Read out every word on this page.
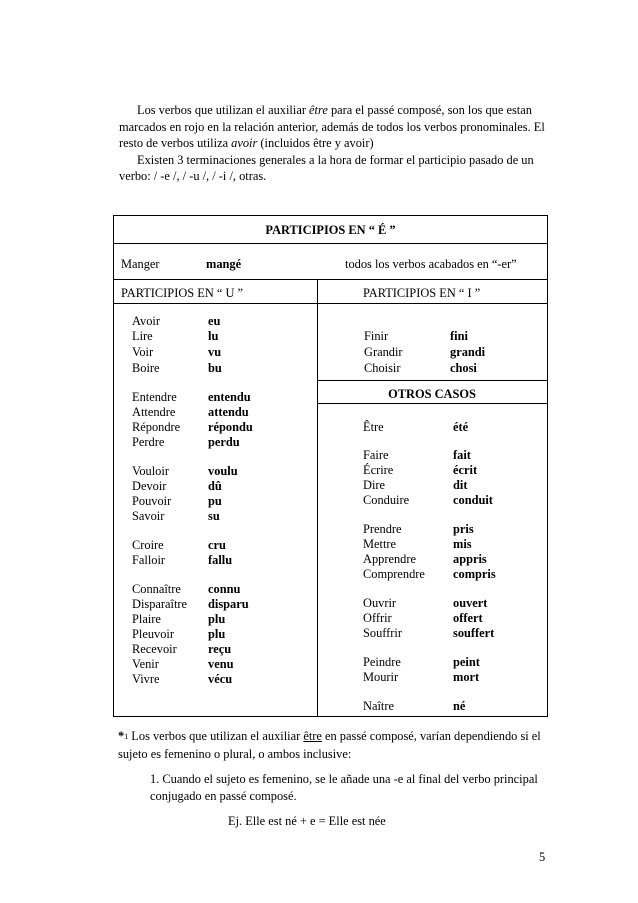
Los verbos que utilizan el auxiliar être para el passé composé, son los que estan marcados en rojo en la relación anterior, además de todos los verbos pronominales. El resto de verbos utiliza avoir (incluidos être y avoir)

Existen 3 terminaciones generales a la hora de formar el participio pasado de un verbo: / -e /, / -u /, / -i /, otras.

PARTICIPIOS EN “ É ”
Manger	mangé	todos los verbos acabados en “-er”
PARTICIPIOS EN “ U ”	PARTICIPIOS EN “ I ”
Avoir	eu
Lire	lu
Voir	vu
Boire	bu
Entendre	entendu
Attendre	attendu
Répondre répondu
Perdre	perdu
Vouloir	voulu
Devoir	dû
Pouvoir	pu
Savoir	su
Croire	cru
Falloir	fallu
Connaître connu
Disparaître disparu
Plaire	plu
Pleuvoir	plu
Recevoir	reçu
Venir	venu
Vivre	vécu
Finir	fini
Grandir	grandi
Choisir	chosi
OTROS CASOS
Être	été
Faire	fait
Écrire	écrit
Dire	dit
Conduire	conduit
Prendre	pris
Mettre	mis
Apprendre	appris
Comprendre compris
Ouvrir	ouvert
Offrir	offert
Souffrir	souffert
Peindre	peint
Mourir	mort
Naître	né

*1 Los verbos que utilizan el auxiliar être en passé composé, varían dependiendo si el sujeto es femenino o plural, o ambos inclusive:

1. Cuando el sujeto es femenino, se le añade una -e al final del verbo principal conjugado en passé composé.

Ej. Elle est né + e = Elle est née

5
